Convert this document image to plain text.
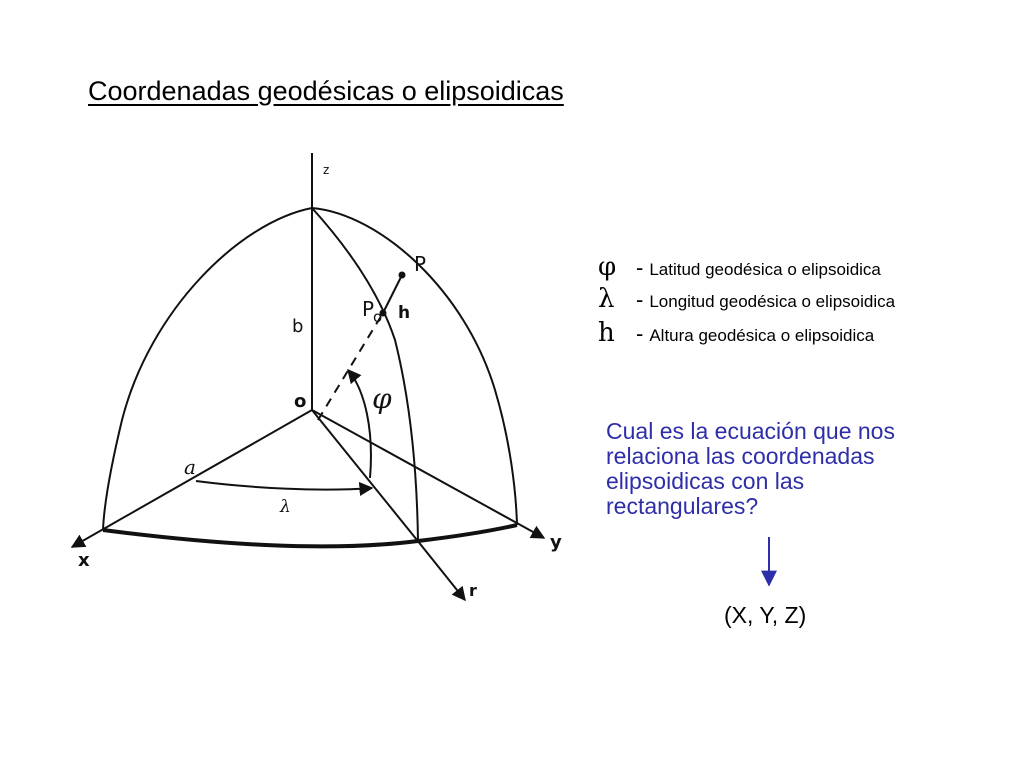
Coordenadas geodésicas o elipsoidicas
z
b
o
a
x
y
r
P
P
o h
φ
λ
φ - Latitud geodésica o elipsoidica
λ - Longitud geodésica o elipsoidica
h - Altura geodésica o elipsoidica
Cual es la ecuación que nos
relaciona las coordenadas
elipsoidicas con las
rectangulares?
(X, Y, Z)
